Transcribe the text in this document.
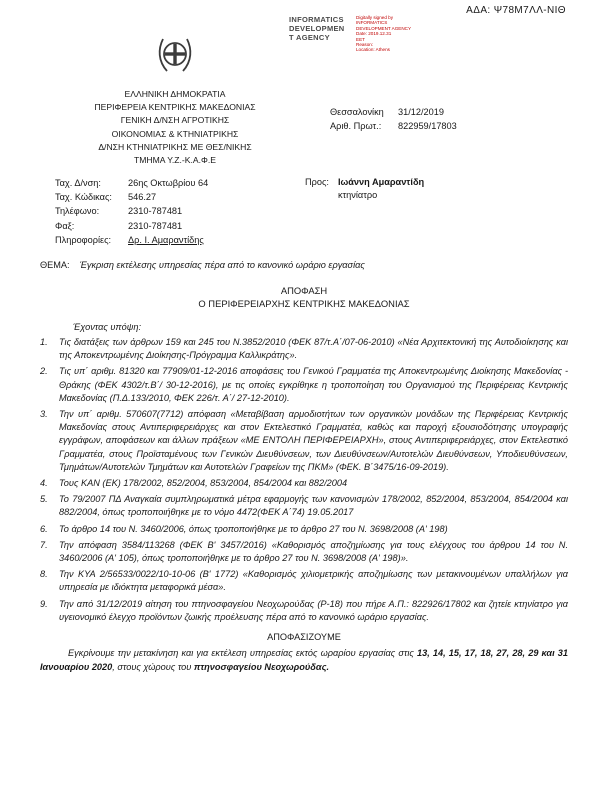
ΑΔΑ: Ψ78Μ7ΛΛ-ΝΙΘ
INFORMATICS
DEVELOPMEN
T AGENCY
Digitally signed by
INFORMATICS
DEVELOPMENT AGENCY
Date: 2019.12.31
EET
Reason:
Location: Athens
ΕΛΛΗΝΙΚΗ ΔΗΜΟΚΡΑΤΙΑ
ΠΕΡΙΦΕΡΕΙΑ ΚΕΝΤΡΙΚΗΣ ΜΑΚΕΔΟΝΙΑΣ
ΓΕΝΙΚΗ Δ/ΝΣΗ ΑΓΡΟΤΙΚΗΣ
ΟΙΚΟΝΟΜΙΑΣ & ΚΤΗΝΙΑΤΡΙΚΗΣ
Δ/ΝΣΗ ΚΤΗΝΙΑΤΡΙΚΗΣ ΜΕ ΘΕΣ/ΝΙΚΗΣ
ΤΜΗΜΑ Υ.Ζ.-Κ.Α.Φ.Ε
Θεσσαλονίκη	31/12/2019
Αριθ. Πρωτ.:	822959/17803
Ταχ. Δ/νση:	26ης Οκτωβρίου 64
Ταχ. Κώδικας:	546.27
Τηλέφωνο:	2310-787481
Φαξ:	2310-787481
Πληροφορίες:	Δρ. Ι. Αμαραντίδης
Προς: Ιωάννη Αμαραντίδη
κτηνίατρο
ΘΕΜΑ: Έγκριση εκτέλεσης υπηρεσίας πέρα από το κανονικό ωράριο εργασίας
ΑΠΟΦΑΣΗ
Ο ΠΕΡΙΦΕΡΕΙΑΡΧΗΣ ΚΕΝΤΡΙΚΗΣ ΜΑΚΕΔΟΝΙΑΣ
Έχοντας υπόψη:
1.	Τις διατάξεις των άρθρων 159 και 245 του Ν.3852/2010 (ΦΕΚ 87/τ.Α΄/07-06-2010) «Νέα Αρχιτεκτονική της Αυτοδιοίκησης και της Αποκεντρωμένης Διοίκησης-Πρόγραμμα Καλλικράτης».
2.	Τις υπ΄ αριθμ. 81320 και 77909/01-12-2016 αποφάσεις του Γενικού Γραμματέα της Αποκεντρωμένης Διοίκησης Μακεδονίας - Θράκης (ΦΕΚ 4302/τ.Β΄/ 30-12-2016), με τις οποίες εγκρίθηκε η τροποποίηση του Οργανισμού της Περιφέρειας Κεντρικής Μακεδονίας (Π.Δ.133/2010, ΦΕΚ 226/τ. Α΄/ 27-12-2010).
3.	Την υπ΄ αριθμ. 570607(7712) απόφαση «Μεταβίβαση αρμοδιοτήτων των οργανικών μονάδων της Περιφέρειας Κεντρικής Μακεδονίας στους Αντιπεριφερειάρχες και στον Εκτελεστικό Γραμματέα, καθώς και παροχή εξουσιοδότησης υπογραφής εγγράφων, αποφάσεων και άλλων πράξεων «ΜΕ ΕΝΤΟΛΗ ΠΕΡΙΦΕΡΕΙΑΡΧΗ», στους Αντιπεριφερειάρχες, στον Εκτελεστικό Γραμματέα, στους Προϊσταμένους των Γενικών Διευθύνσεων, των Διευθύνσεων/Αυτοτελών Διευθύνσεων, Υποδιευθύνσεων, Τμημάτων/Αυτοτελών Τμημάτων και Αυτοτελών Γραφείων της ΠΚΜ» (ΦΕΚ. Β΄3475/16-09-2019).
4.	Τους ΚΑΝ (ΕΚ) 178/2002, 852/2004, 853/2004, 854/2004 και 882/2004
5.	Το 79/2007 ΠΔ Αναγκαία συμπληρωματικά μέτρα εφαρμογής των κανονισμών 178/2002, 852/2004, 853/2004, 854/2004 και 882/2004, όπως τροποποιήθηκε με το νόμο 4472(ΦΕΚ Α΄74) 19.05.2017
6.	Το άρθρο 14 του Ν. 3460/2006, όπως τροποποιήθηκε με το άρθρο 27 του Ν. 3698/2008 (Α' 198)
7.	Την απόφαση 3584/113268 (ΦΕΚ Β' 3457/2016) «Καθορισμός αποζημίωσης για τους ελέγχους του άρθρου 14 του Ν. 3460/2006 (Α' 105), όπως τροποποιήθηκε με το άρθρο 27 του Ν. 3698/2008 (Α' 198)».
8.	Την ΚΥΑ 2/56533/0022/10-10-06 (Β' 1772) «Καθορισμός χιλιομετρικής αποζημίωσης των μετακινουμένων υπαλλήλων για υπηρεσία με ιδιόκτητα μεταφορικά μέσα».
9.	Την από 31/12/2019 αίτηση του πτηνοσφαγείου Νεοχωρούδας (Ρ-18) που πήρε Α.Π.: 822926/17802 και ζητείε κτηνίατρο για υγειονομικό έλεγχο προϊόντων ζωικής προέλευσης πέρα από το κανονικό ωράριο εργασίας.
ΑΠΟΦΑΣΙΖΟΥΜΕ
Εγκρίνουμε την μετακίνηση και για εκτέλεση υπηρεσίας εκτός ωραρίου εργασίας στις 13, 14, 15, 17, 18, 27, 28, 29 και 31 Ιανουαρίου 2020, στους χώρους του πτηνοσφαγείου Νεοχωρούδας.
